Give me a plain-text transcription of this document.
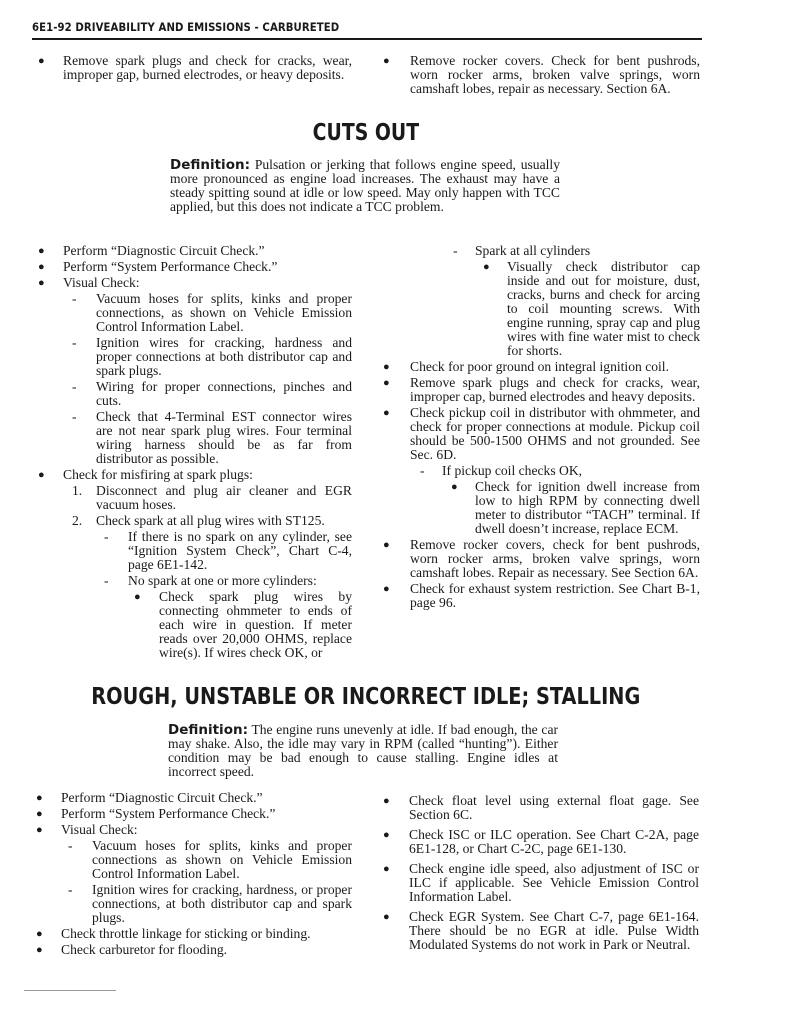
6E1-92 DRIVEABILITY AND EMISSIONS - CARBURETED
● Remove spark plugs and check for cracks, wear, improper gap, burned electrodes, or heavy deposits.
● Remove rocker covers. Check for bent pushrods, worn rocker arms, broken valve springs, worn camshaft lobes, repair as necessary. Section 6A.
CUTS OUT
Definition: Pulsation or jerking that follows engine speed, usually more pronounced as engine load increases. The exhaust may have a steady spitting sound at idle or low speed. May only happen with TCC applied, but this does not indicate a TCC problem.
● Perform “Diagnostic Circuit Check.”
● Perform “System Performance Check.”
● Visual Check:
- Vacuum hoses for splits, kinks and proper connections, as shown on Vehicle Emission Control Information Label.
- Ignition wires for cracking, hardness and proper connections at both distributor cap and spark plugs.
- Wiring for proper connections, pinches and cuts.
- Check that 4-Terminal EST connector wires are not near spark plug wires. Four terminal wiring harness should be as far from distributor as possible.
● Check for misfiring at spark plugs:
1. Disconnect and plug air cleaner and EGR vacuum hoses.
2. Check spark at all plug wires with ST125.
- If there is no spark on any cylinder, see “Ignition System Check”, Chart C-4, page 6E1-142.
- No spark at one or more cylinders:
● Check spark plug wires by connecting ohmmeter to ends of each wire in question. If meter reads over 20,000 OHMS, replace wire(s). If wires check OK, or
- Spark at all cylinders
● Visually check distributor cap inside and out for moisture, dust, cracks, burns and check for arcing to coil mounting screws. With engine running, spray cap and plug wires with fine water mist to check for shorts.
● Check for poor ground on integral ignition coil.
● Remove spark plugs and check for cracks, wear, improper cap, burned electrodes and heavy deposits.
● Check pickup coil in distributor with ohmmeter, and check for proper connections at module. Pickup coil should be 500-1500 OHMS and not grounded. See Sec. 6D.
- If pickup coil checks OK,
● Check for ignition dwell increase from low to high RPM by connecting dwell meter to distributor “TACH” terminal. If dwell doesn’t increase, replace ECM.
● Remove rocker covers, check for bent pushrods, worn rocker arms, broken valve springs, worn camshaft lobes. Repair as necessary. See Section 6A.
● Check for exhaust system restriction. See Chart B-1, page 96.
ROUGH, UNSTABLE OR INCORRECT IDLE; STALLING
Definition: The engine runs unevenly at idle. If bad enough, the car may shake. Also, the idle may vary in RPM (called “hunting”). Either condition may be bad enough to cause stalling. Engine idles at incorrect speed.
● Perform “Diagnostic Circuit Check.”
● Perform “System Performance Check.”
● Visual Check:
- Vacuum hoses for splits, kinks and proper connections as shown on Vehicle Emission Control Information Label.
- Ignition wires for cracking, hardness, or proper connections, at both distributor cap and spark plugs.
● Check throttle linkage for sticking or binding.
● Check carburetor for flooding.
● Check float level using external float gage. See Section 6C.
● Check ISC or ILC operation. See Chart C-2A, page 6E1-128, or Chart C-2C, page 6E1-130.
● Check engine idle speed, also adjustment of ISC or ILC if applicable. See Vehicle Emission Control Information Label.
● Check EGR System. See Chart C-7, page 6E1-164. There should be no EGR at idle. Pulse Width Modulated Systems do not work in Park or Neutral.
